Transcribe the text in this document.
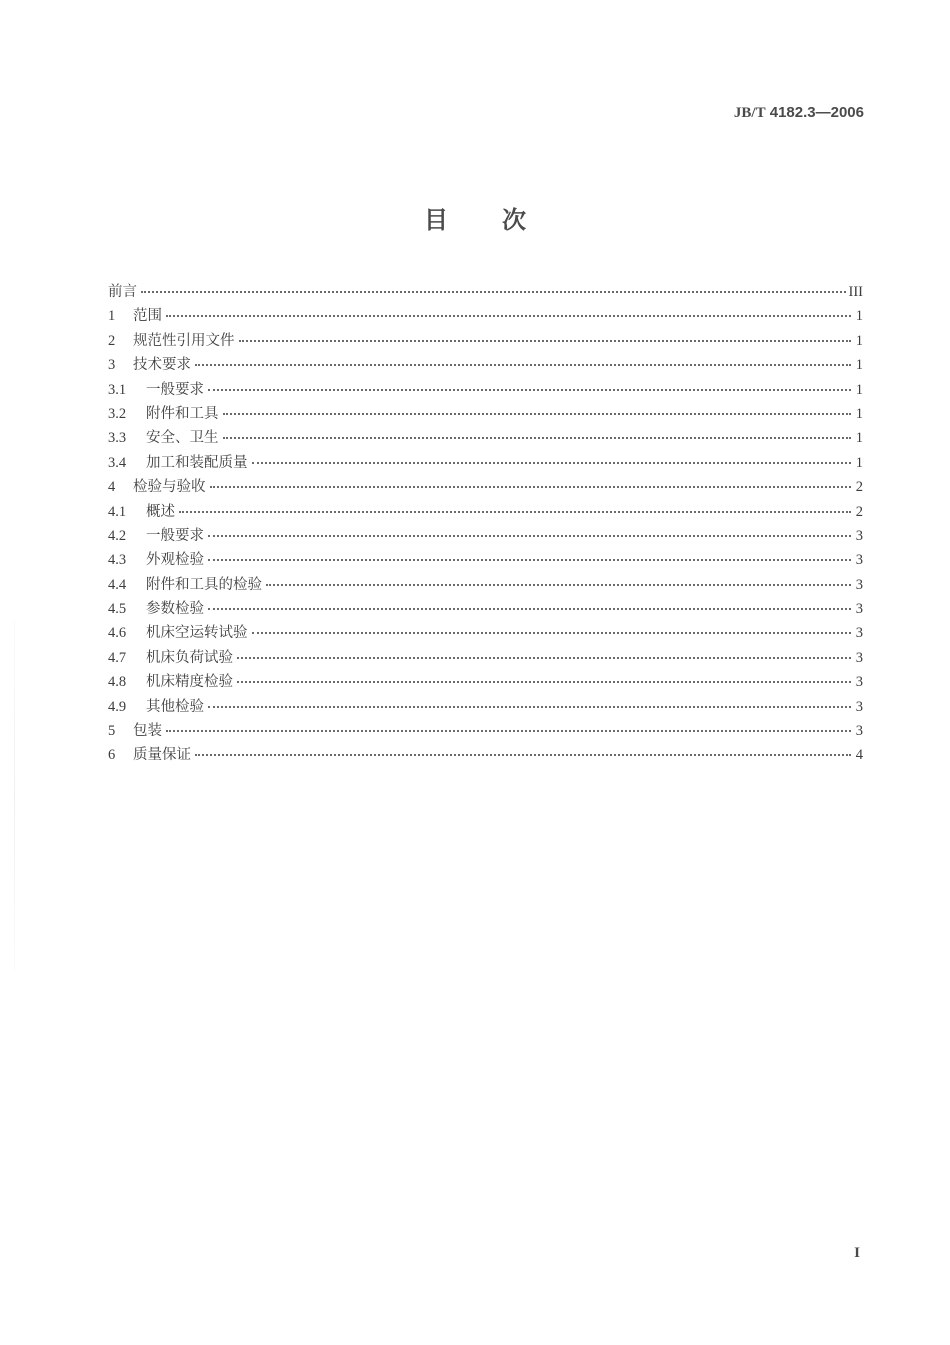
JB/T 4182.3—2006
目 次
前言	III
1	范围	1
2	规范性引用文件	1
3	技术要求	1
3.1	一般要求	1
3.2	附件和工具	1
3.3	安全、卫生	1
3.4	加工和装配质量	1
4	检验与验收	2
4.1	概述	2
4.2	一般要求	3
4.3	外观检验	3
4.4	附件和工具的检验	3
4.5	参数检验	3
4.6	机床空运转试验	3
4.7	机床负荷试验	3
4.8	机床精度检验	3
4.9	其他检验	3
5	包装	3
6	质量保证	4
I
